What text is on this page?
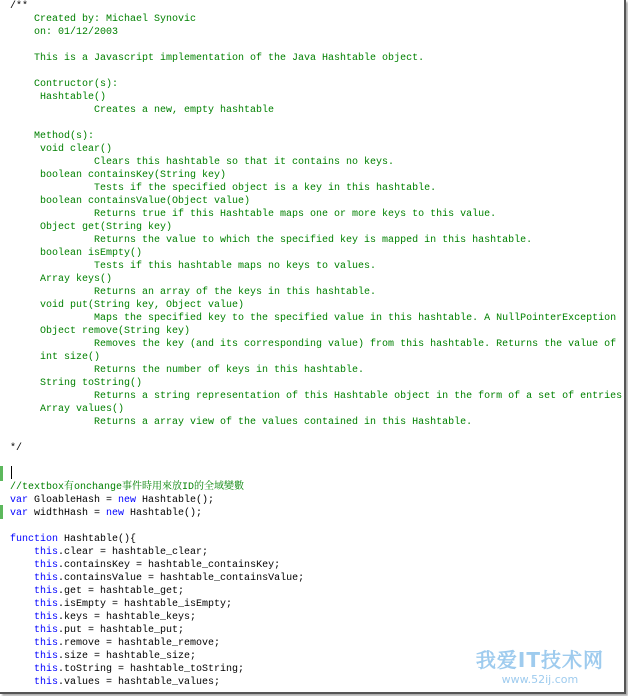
/**
Created by: Michael Synovic
on: 01/12/2003
This is a Javascript implementation of the Java Hashtable object.
Contructor(s):
Hashtable()
Creates a new, empty hashtable
Method(s):
void clear()
Clears this hashtable so that it contains no keys.
boolean containsKey(String key)
Tests if the specified object is a key in this hashtable.
boolean containsValue(Object value)
Returns true if this Hashtable maps one or more keys to this value.
Object get(String key)
Returns the value to which the specified key is mapped in this hashtable.
boolean isEmpty()
Tests if this hashtable maps no keys to values.
Array keys()
Returns an array of the keys in this hashtable.
void put(String key, Object value)
Maps the specified key to the specified value in this hashtable. A NullPointerException
Object remove(String key)
Removes the key (and its corresponding value) from this hashtable. Returns the value of
int size()
Returns the number of keys in this hashtable.
String toString()
Returns a string representation of this Hashtable object in the form of a set of entries
Array values()
Returns a array view of the values contained in this Hashtable.
*/
//textbox有onchange事件時用來放ID的全域變數
var GloableHash = new Hashtable();
var widthHash = new Hashtable();
function Hashtable(){
this.clear = hashtable_clear;
this.containsKey = hashtable_containsKey;
this.containsValue = hashtable_containsValue;
this.get = hashtable_get;
this.isEmpty = hashtable_isEmpty;
this.keys = hashtable_keys;
this.put = hashtable_put;
this.remove = hashtable_remove;
this.size = hashtable_size;
this.toString = hashtable_toString;
this.values = hashtable_values;
我爱IT技术网
www.52ij.com
